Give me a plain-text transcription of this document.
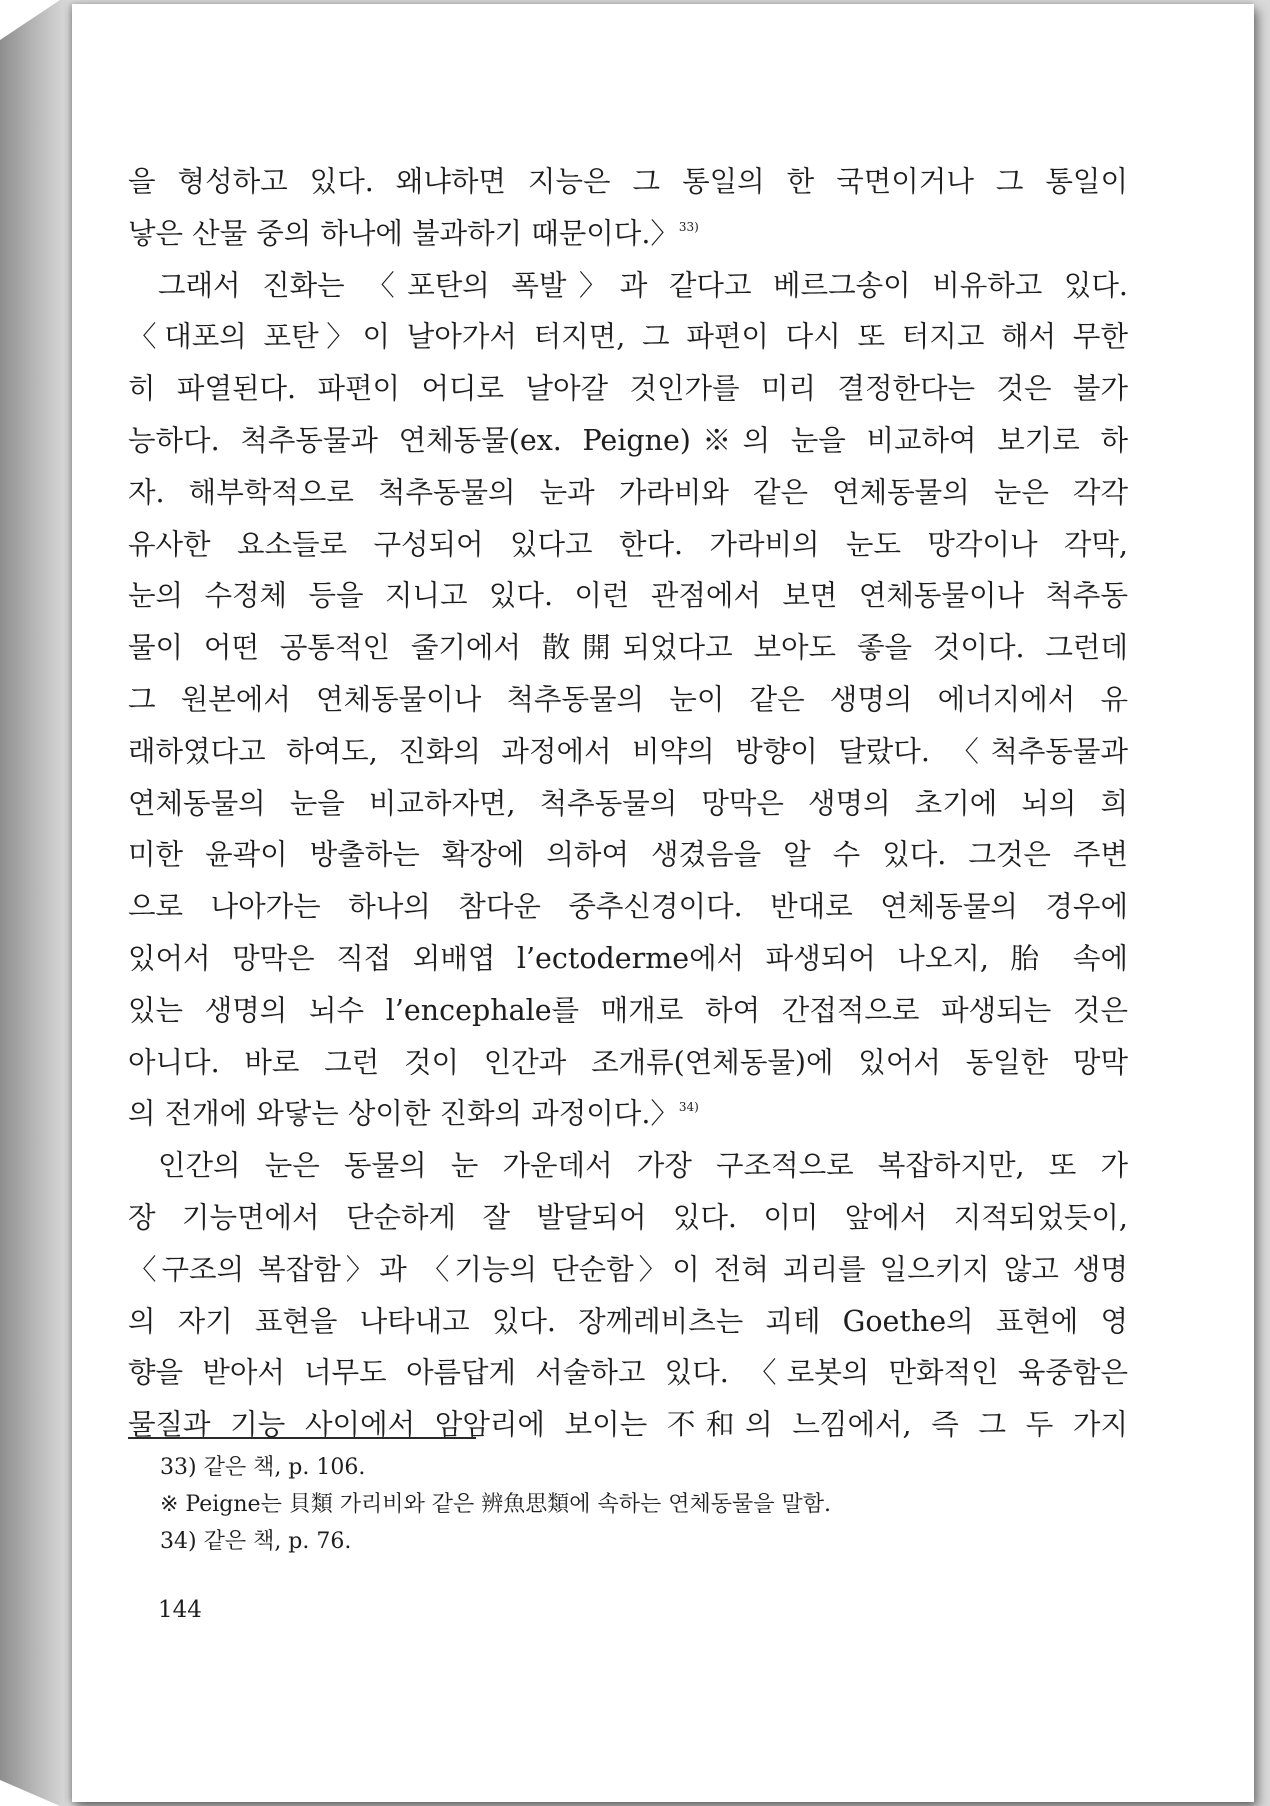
을 형성하고 있다. 왜냐하면 지능은 그 통일의 한 국면이거나 그 통일이
낳은 산물 중의 하나에 불과하기 때문이다.〉$^{33)}$
그래서 진화는 〈포탄의 폭발〉과 같다고 베르그송이 비유하고 있다.
〈대포의 포탄〉이 날아가서 터지면, 그 파편이 다시 또 터지고 해서 무한
히 파열된다. 파편이 어디로 날아갈 것인가를 미리 결정한다는 것은 불가
능하다. 척추동물과 연체동물(ex. Peigne)※의 눈을 비교하여 보기로 하
자. 해부학적으로 척추동물의 눈과 가라비와 같은 연체동물의 눈은 각각
유사한 요소들로 구성되어 있다고 한다. 가라비의 눈도 망각이나 각막,
눈의 수정체 등을 지니고 있다. 이런 관점에서 보면 연체동물이나 척추동
물이 어떤 공통적인 줄기에서 散開되었다고 보아도 좋을 것이다. 그런데
그 원본에서 연체동물이나 척추동물의 눈이 같은 생명의 에너지에서 유
래하였다고 하여도, 진화의 과정에서 비약의 방향이 달랐다. 〈척추동물과
연체동물의 눈을 비교하자면, 척추동물의 망막은 생명의 초기에 뇌의 희
미한 윤곽이 방출하는 확장에 의하여 생겼음을 알 수 있다. 그것은 주변
으로 나아가는 하나의 참다운 중추신경이다. 반대로 연체동물의 경우에
있어서 망막은 직접 외배엽 l’ectoderme에서 파생되어 나오지, 胎 속에
있는 생명의 뇌수 l’encephale를 매개로 하여 간접적으로 파생되는 것은
아니다. 바로 그런 것이 인간과 조개류(연체동물)에 있어서 동일한 망막
의 전개에 와닿는 상이한 진화의 과정이다.〉$^{34)}$
인간의 눈은 동물의 눈 가운데서 가장 구조적으로 복잡하지만, 또 가
장 기능면에서 단순하게 잘 발달되어 있다. 이미 앞에서 지적되었듯이,
〈구조의 복잡함〉과 〈기능의 단순함〉이 전혀 괴리를 일으키지 않고 생명
의 자기 표현을 나타내고 있다. 장께레비츠는 괴테 Goethe의 표현에 영
향을 받아서 너무도 아름답게 서술하고 있다. 〈로봇의 만화적인 육중함은
물질과 기능 사이에서 암암리에 보이는 不和의 느낌에서, 즉 그 두 가지
33) 같은 책, p. 106.
※ Peigne는 貝類 가리비와 같은 辨魚思類에 속하는 연체동물을 말함.
34) 같은 책, p. 76.
144
